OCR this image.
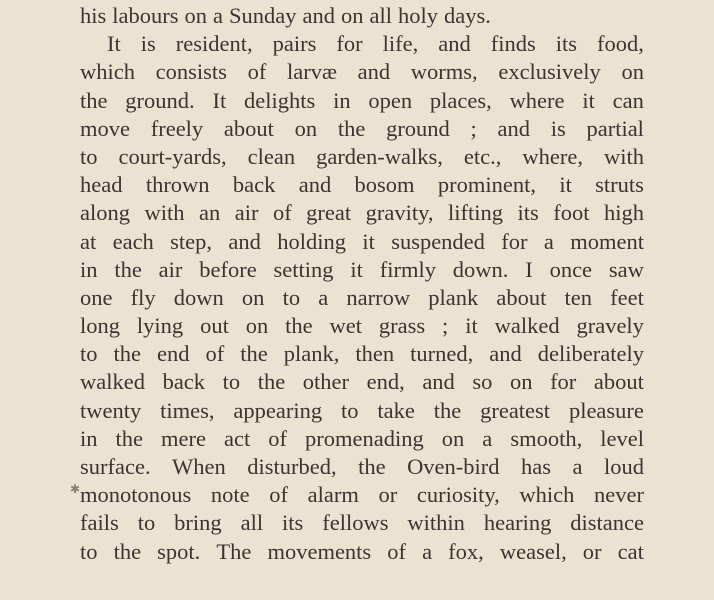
his labours on a Sunday and on all holy days.
It is resident, pairs for life, and finds its food,
which consists of larvæ and worms, exclusively on
the ground. It delights in open places, where it can
move freely about on the ground ; and is partial
to court-yards, clean garden-walks, etc., where, with
head thrown back and bosom prominent, it struts
along with an air of great gravity, lifting its foot high
at each step, and holding it suspended for a moment
in the air before setting it firmly down. I once saw
one fly down on to a narrow plank about ten feet
long lying out on the wet grass ; it walked gravely
to the end of the plank, then turned, and deliberately
walked back to the other end, and so on for about
twenty times, appearing to take the greatest pleasure
in the mere act of promenading on a smooth, level
surface. When disturbed, the Oven-bird has a loud
monotonous note of alarm or curiosity, which never
fails to bring all its fellows within hearing distance
to the spot. The movements of a fox, weasel, or cat
✱
